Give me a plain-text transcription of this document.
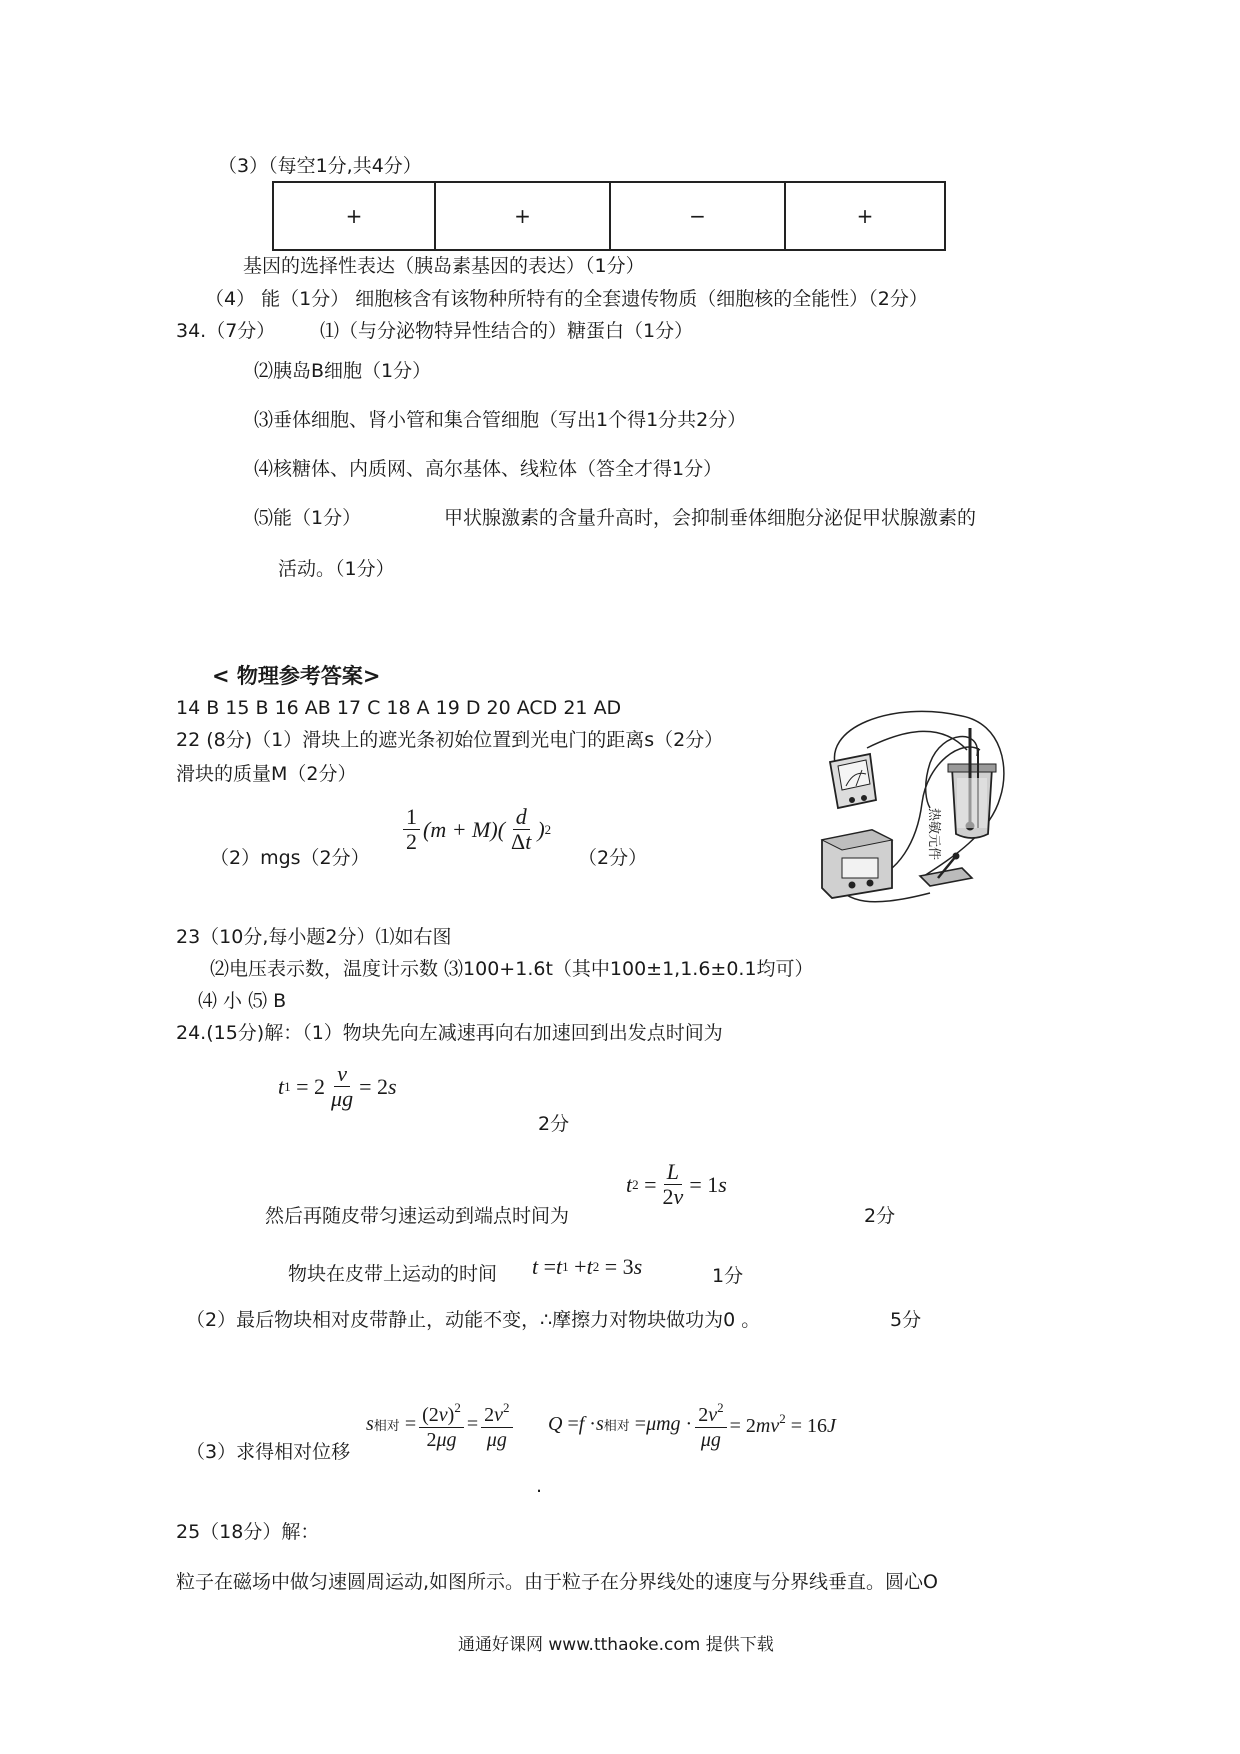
（3）（每空1分,共4分）
+	+	−	+
基因的选择性表达（胰岛素基因的表达）（1分）
（4） 能（1分） 细胞核含有该物种所特有的全套遗传物质（细胞核的全能性）（2分）
34.（7分） ⑴（与分泌物特异性结合的）糖蛋白（1分）
⑵胰岛B细胞（1分）
⑶垂体细胞、肾小管和集合管细胞（写出1个得1分共2分）
⑷核糖体、内质网、高尔基体、线粒体（答全才得1分）
⑸能（1分）	甲状腺激素的含量升高时，会抑制垂体细胞分泌促甲状腺激素的
活动。（1分）
< 物理参考答案>
14 B 15 B 16 AB 17 C 18 A 19 D 20 ACD 21 AD
22 (8分)（1）滑块上的遮光条初始位置到光电门的距离s（2分）
滑块的质量M（2分）
（2）mgs（2分）
$\frac{1}{2} (m + M)( \frac{d}{\Delta t}$ ) 2
（2分）	热敏元件
23（10分,每小题2分）⑴如右图
⑵电压表示数，温度计示数 ⑶100+1.6t（其中100±1,1.6±0.1均可）
⑷ 小 ⑸ B
24.(15分)解：（1）物块先向左减速再向右加速回到出发点时间为
t $1 = 2 \frac{v}{\mu g} = 2s$
2分
然后再随皮带匀速运动到端点时间为
t $2 = \frac{L}{2v} = 1s$
2分
物块在皮带上运动的时间 t = t 1 + t 2 = 3s	1分
（2）最后物块相对皮带静止，动能不变，∴摩擦力对物块做功为0 。	5分
（3）求得相对位移
s 相对 = $\frac{(2v)^2}{2\mu g} = \frac{2v^2}{\mu g}$ Q = f · s 相对 = $\mu mg \cdot \frac{2v^2}{\mu g} = 2mv^2 = 16J$
.
25（18分）解：
粒子在磁场中做匀速圆周运动,如图所示。由于粒子在分界线处的速度与分界线垂直。圆心O
通通好课网 www.tthaoke.com 提供下载
